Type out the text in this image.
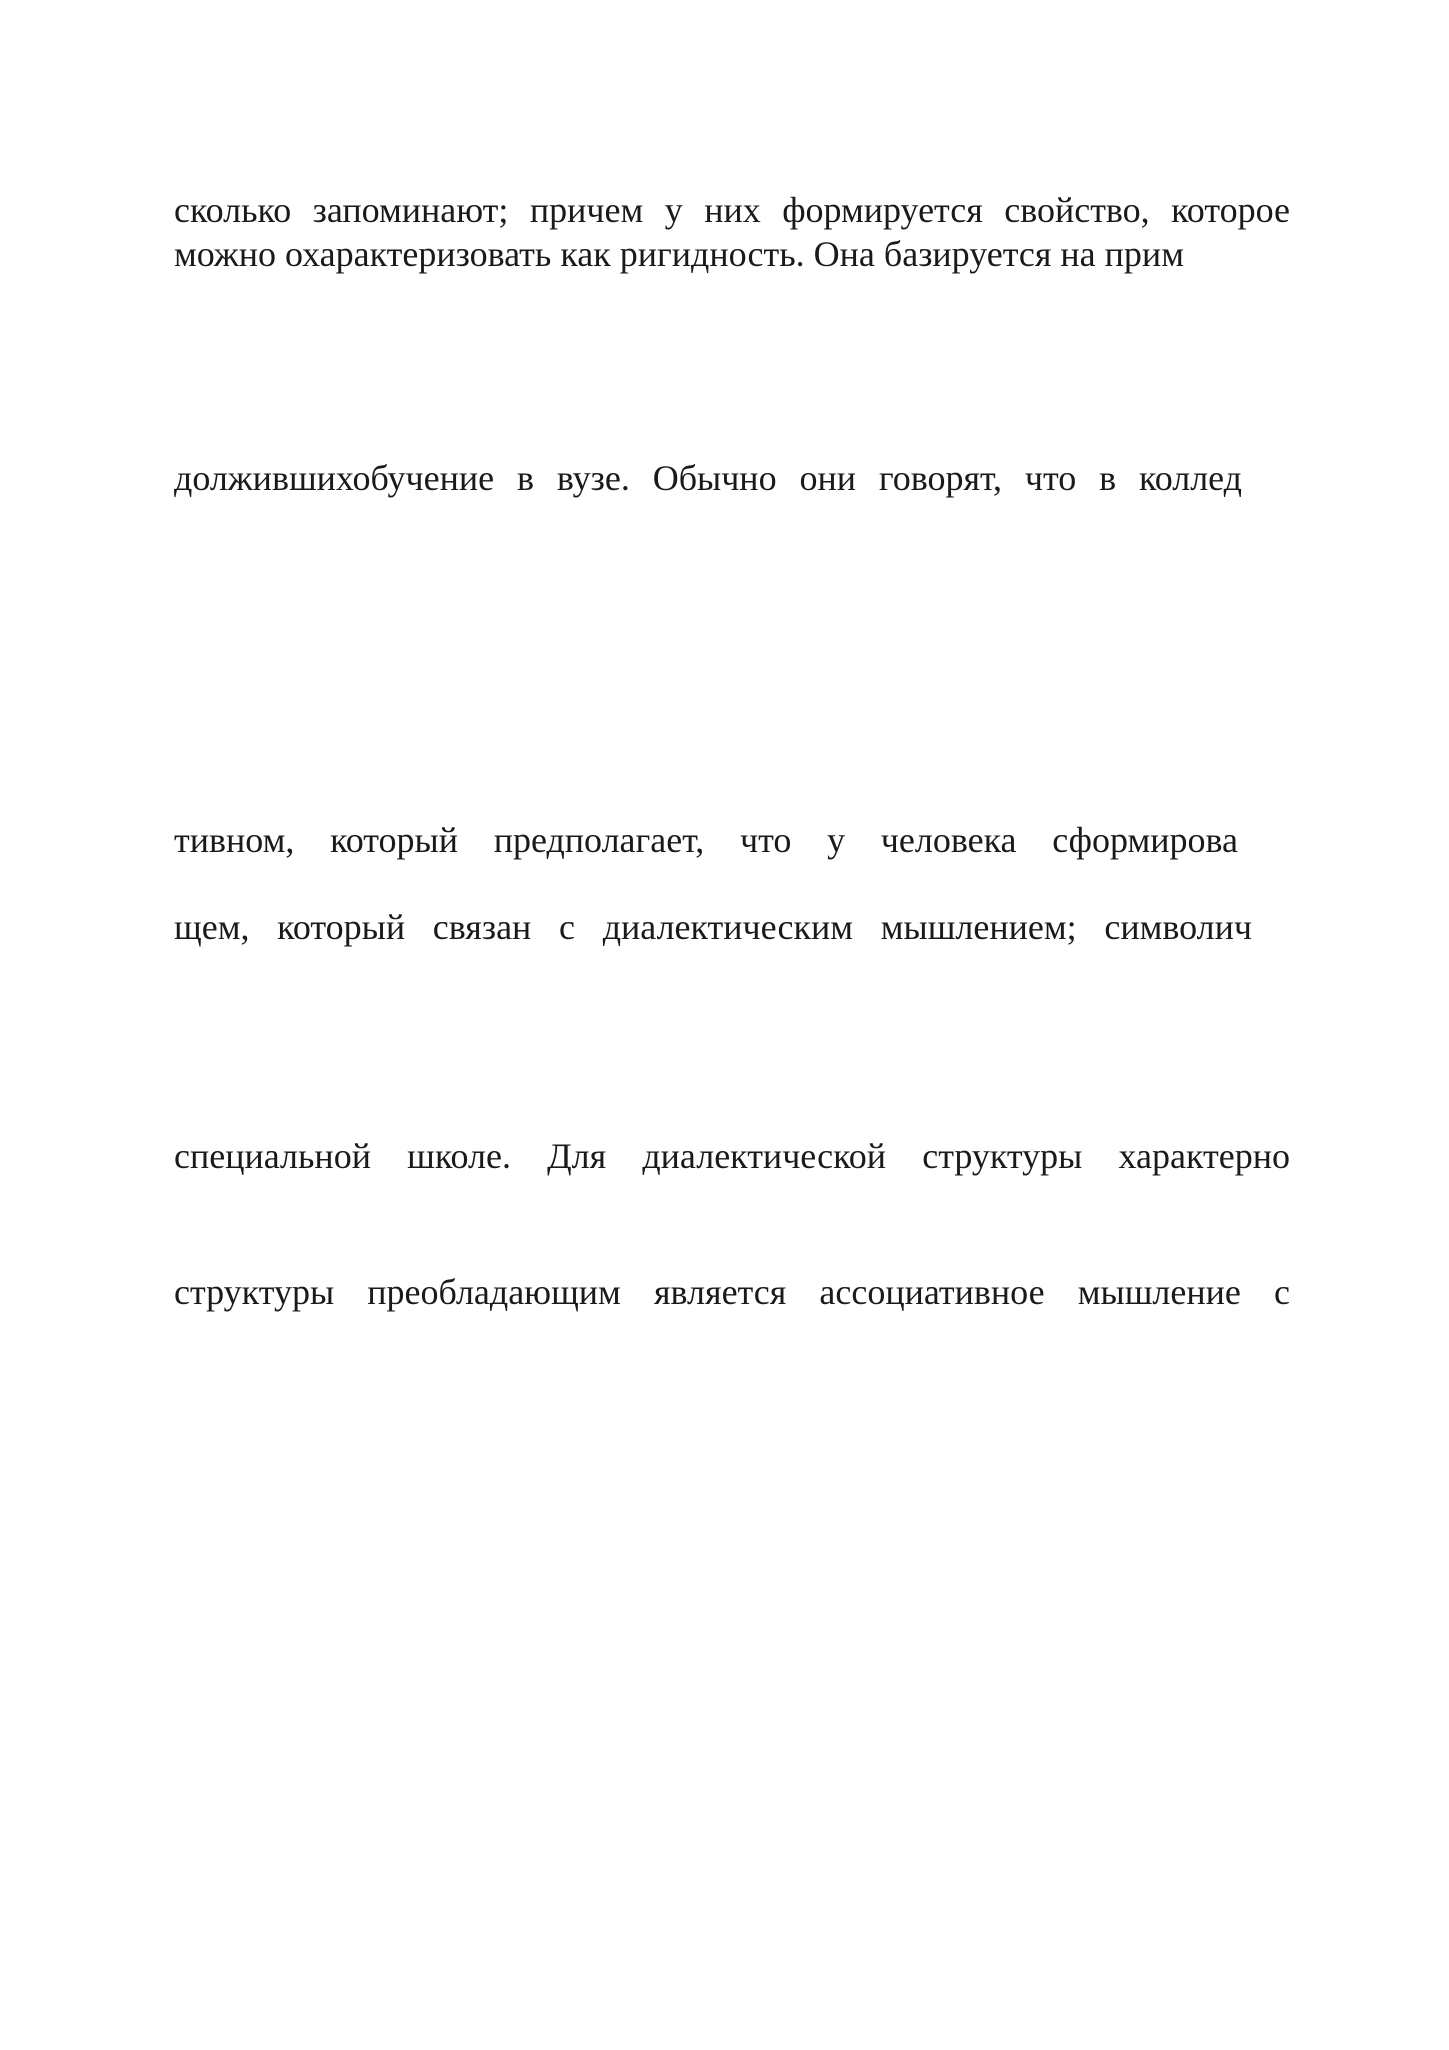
сколько запоминают; причем у них формируется свойство, которое

можно охарактеризовать как ригидность. Она базируется на прим

должившихобучение в вузе. Обычно они говорят, что в коллед

тивном, который предполагает, что у человека сформирова

щем, который связан с диалектическим мышлением; символич

специальной школе. Для диалектической структуры характерно

структуры преобладающим является ассоциативное мышление с
